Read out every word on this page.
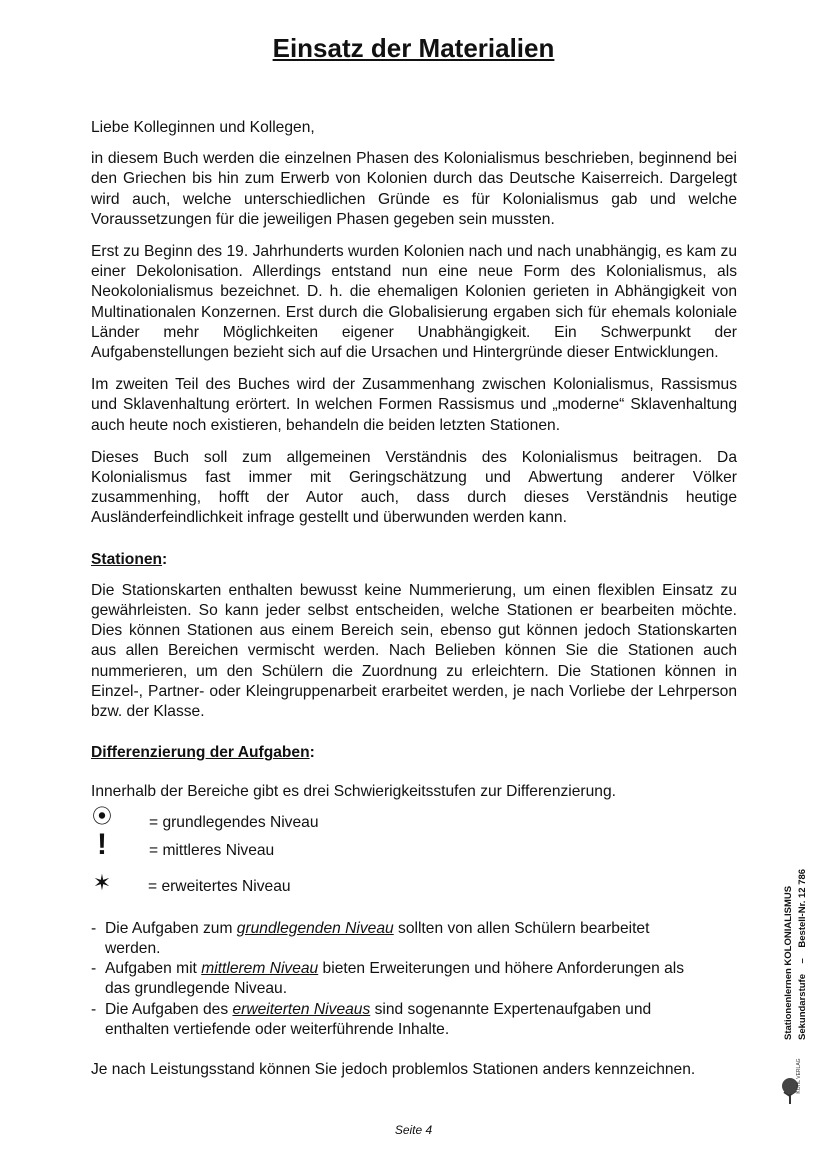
Einsatz der Materialien

Liebe Kolleginnen und Kollegen,

in diesem Buch werden die einzelnen Phasen des Kolonialismus beschrieben, beginnend bei den Griechen bis hin zum Erwerb von Kolonien durch das Deutsche Kaiserreich. Dargelegt wird auch, welche unterschiedlichen Gründe es für Kolonialismus gab und welche Voraussetzungen für die jeweiligen Phasen gegeben sein mussten.

Erst zu Beginn des 19. Jahrhunderts wurden Kolonien nach und nach unabhängig, es kam zu einer Dekolonisation. Allerdings entstand nun eine neue Form des Kolonialismus, als Neokolonialismus bezeichnet. D. h. die ehemaligen Kolonien gerieten in Abhängigkeit von Multinationalen Konzernen. Erst durch die Globalisierung ergaben sich für ehemals koloniale Länder mehr Möglichkeiten eigener Unabhängigkeit. Ein Schwerpunkt der Aufgabenstellungen bezieht sich auf die Ursachen und Hintergründe dieser Entwicklungen.

Im zweiten Teil des Buches wird der Zusammenhang zwischen Kolonialismus, Rassismus und Sklavenhaltung erörtert. In welchen Formen Rassismus und „moderne“ Sklavenhaltung auch heute noch existieren, behandeln die beiden letzten Stationen.

Dieses Buch soll zum allgemeinen Verständnis des Kolonialismus beitragen. Da Kolonialismus fast immer mit Geringschätzung und Abwertung anderer Völker zusammenhing, hofft der Autor auch, dass durch dieses Verständnis heutige Ausländerfeindlichkeit infrage gestellt und überwunden werden kann.

Stationen:

Die Stationskarten enthalten bewusst keine Nummerierung, um einen flexiblen Einsatz zu gewährleisten. So kann jeder selbst entscheiden, welche Stationen er bearbeiten möchte. Dies können Stationen aus einem Bereich sein, ebenso gut können jedoch Stationskarten aus allen Bereichen vermischt werden. Nach Belieben können Sie die Stationen auch nummerieren, um den Schülern die Zuordnung zu erleichtern. Die Stationen können in Einzel-, Partner- oder Kleingruppenarbeit erarbeitet werden, je nach Vorliebe der Lehrperson bzw. der Klasse.

Differenzierung der Aufgaben:

Innerhalb der Bereiche gibt es drei Schwierigkeitsstufen zur Differenzierung.

⦿ = grundlegendes Niveau
!	= mittleres Niveau
✶ = erweitertes Niveau
- Die Aufgaben zum grundlegenden Niveau sollten von allen Schülern bearbeitet werden.
- Aufgaben mit mittlerem Niveau bieten Erweiterungen und höhere Anforderungen als das grundlegende Niveau.
- Die Aufgaben des erweiterten Niveaus sind sogenannte Expertenaufgaben und enthalten vertiefende oder weiterführende Inhalte.

Je nach Leistungsstand können Sie jedoch problemlos Stationen anders kennzeichnen.

Stationenlernen KOLONIALISMUS Sekundarstufe    –    Bestell-Nr. 12 786
KOHL VERLAG
Seite 4
